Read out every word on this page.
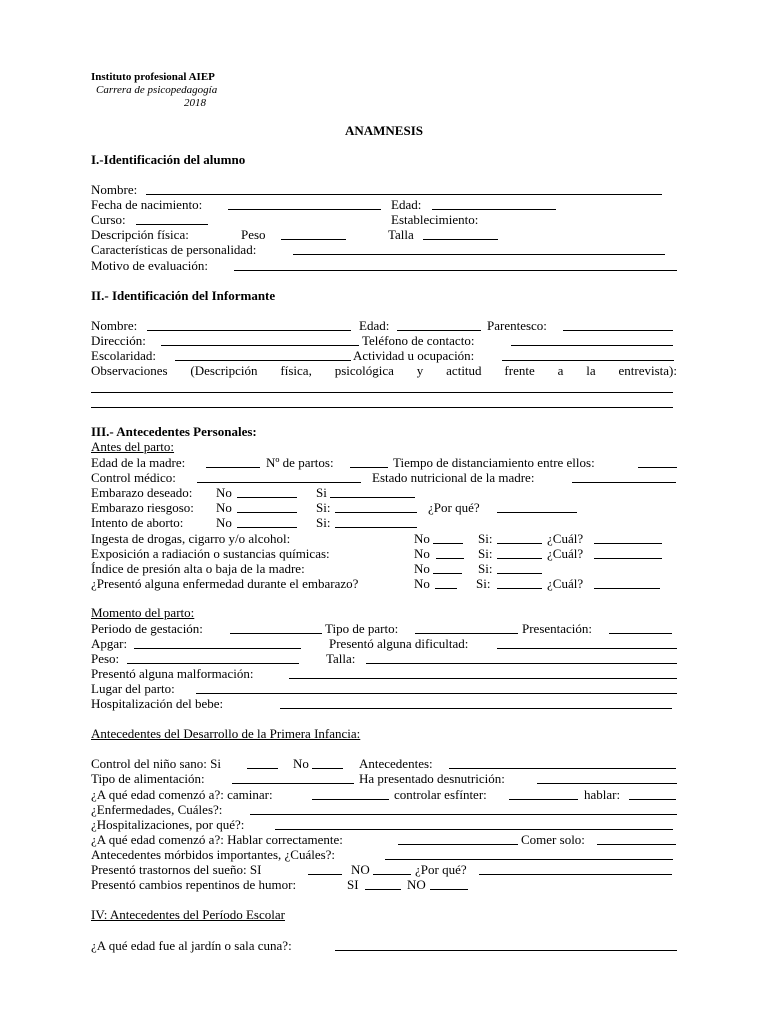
Instituto profesional AIEP
Carrera de psicopedagogía
2018
ANAMNESIS
I.-Identificación del alumno
Nombre:
Fecha de nacimiento:	Edad:
Curso:	Establecimiento:
Descripción física:	Peso	Talla
Características de personalidad:
Motivo de evaluación:
II.- Identificación del Informante
Nombre:	Edad:	Parentesco:
Dirección:	Teléfono de contacto:
Escolaridad:	Actividad u ocupación:
Observaciones (Descripción física, psicológica y actitud frente a la entrevista):
III.- Antecedentes Personales:
Antes del parto:
Edad de la madre:	Nº de partos:	Tiempo de distanciamiento entre ellos:
Control médico:	Estado nutricional de la madre:
Embarazo deseado: No	Si
Embarazo riesgoso: No	Si:	¿Por qué?
Intento de aborto:	No	Si:
Ingesta de drogas, cigarro y/o alcohol:	No	Si:	¿Cuál?
Exposición a radiación o sustancias químicas:	No	Si:	¿Cuál?
Índice de presión alta o baja de la madre:	No	Si:
¿Presentó alguna enfermedad durante el embarazo?	No	Si:	¿Cuál?
Momento del parto:
Periodo de gestación:	Tipo de parto:	Presentación:
Apgar:	Presentó alguna dificultad:
Peso:	Talla:
Presentó alguna malformación:
Lugar del parto:
Hospitalización del bebe:
Antecedentes del Desarrollo de la Primera Infancia:
Control del niño sano: Si	No	Antecedentes:
Tipo de alimentación:	Ha presentado desnutrición:
¿A qué edad comenzó a?: caminar:	controlar esfínter:	hablar:
¿Enfermedades, Cuáles?:
¿Hospitalizaciones, por qué?:
¿A qué edad comenzó a?: Hablar correctamente:	Comer solo:
Antecedentes mórbidos importantes, ¿Cuáles?:
Presentó trastornos del sueño: SI	NO	¿Por qué?
Presentó cambios repentinos de humor:	SI	NO
IV: Antecedentes del Período Escolar
¿A qué edad fue al jardín o sala cuna?:
